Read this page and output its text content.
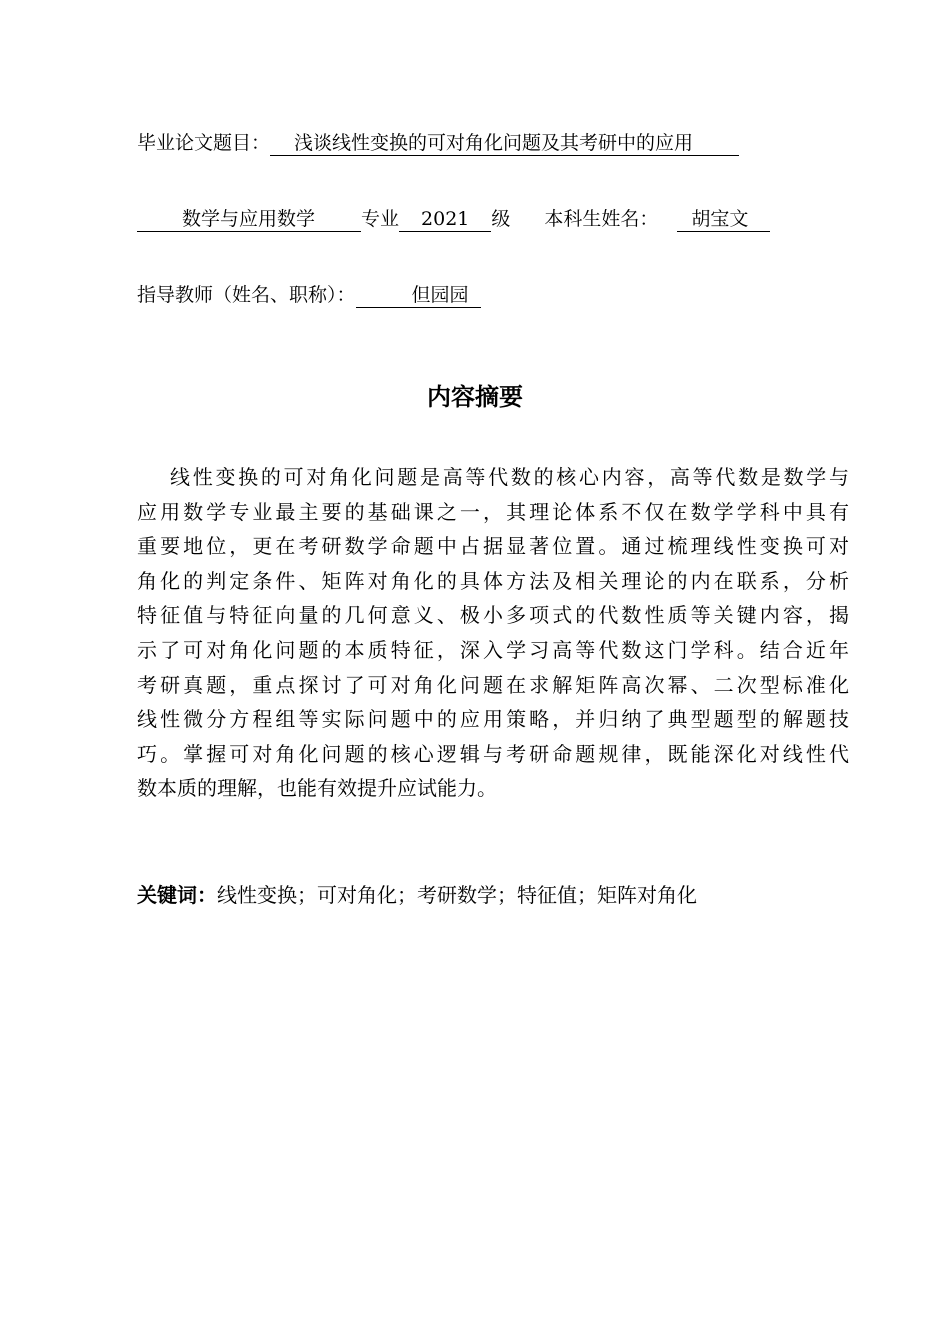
毕业论文题目： 浅谈线性变换的可对角化问题及其考研中的应用
数学与应用数学 专业 2021 级 本科生姓名： 胡宝文
指导教师（姓名、职称）：	但园园
内容摘要
线性变换的可对角化问题是高等代数的核心内容，高等代数是数学与
应用数学专业最主要的基础课之一，其理论体系不仅在数学学科中具有
重要地位，更在考研数学命题中占据显著位置。通过梳理线性变换可对
角化的判定条件、矩阵对角化的具体方法及相关理论的内在联系，分析
特征值与特征向量的几何意义、极小多项式的代数性质等关键内容，揭
示了可对角化问题的本质特征，深入学习高等代数这门学科。结合近年
考研真题，重点探讨了可对角化问题在求解矩阵高次幂、二次型标准化
线性微分方程组等实际问题中的应用策略，并归纳了典型题型的解题技
巧。掌握可对角化问题的核心逻辑与考研命题规律，既能深化对线性代
数本质的理解，也能有效提升应试能力。
关键词：线性变换；可对角化；考研数学；特征值；矩阵对角化
